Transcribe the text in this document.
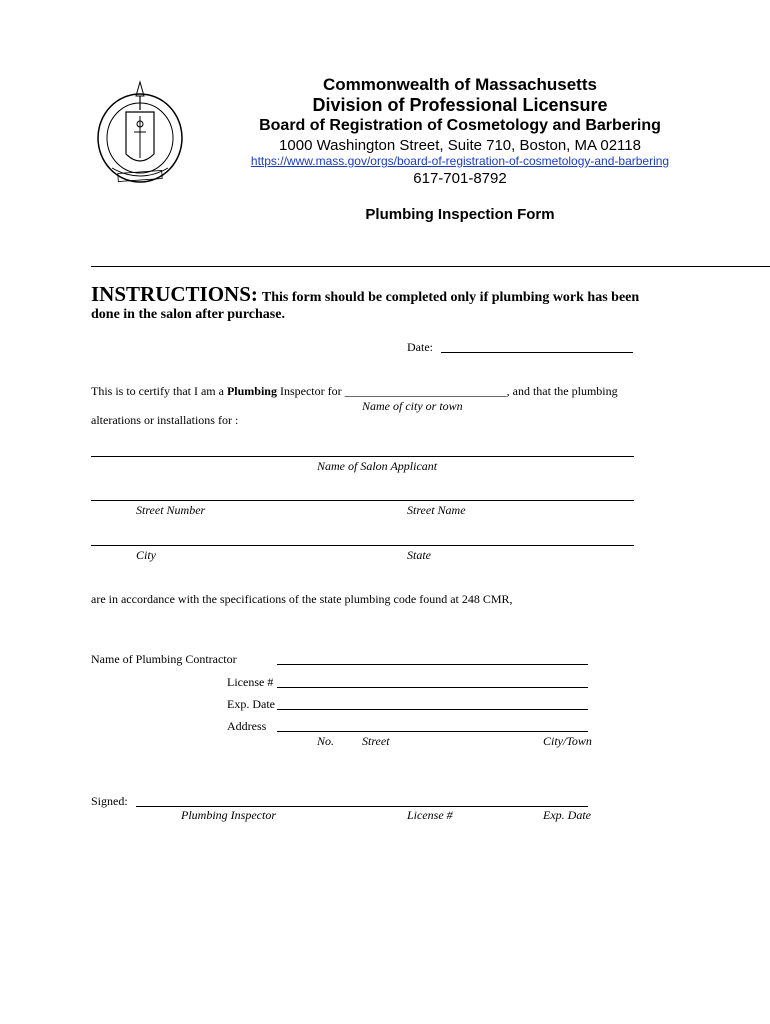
Commonwealth of Massachusetts
Division of Professional Licensure
Board of Registration of Cosmetology and Barbering
1000 Washington Street, Suite 710, Boston, MA 02118
https://www.mass.gov/orgs/board-of-registration-of-cosmetology-and-barbering
617-701-8792
Plumbing Inspection Form
INSTRUCTIONS: This form should be completed only if plumbing work has been
done in the salon after purchase.
Date:
This is to certify that I am a Plumbing Inspector for ___________________________, and that the plumbing
Name of city or town
alterations or installations for :
Name of Salon Applicant
Street Number	Street Name
City	State
are in accordance with the specifications of the state plumbing code found at 248 CMR,
Name of Plumbing Contractor
License #
Exp. Date
Address
No. Street	City/Town
Signed:
Plumbing Inspector	License #	Exp. Date
